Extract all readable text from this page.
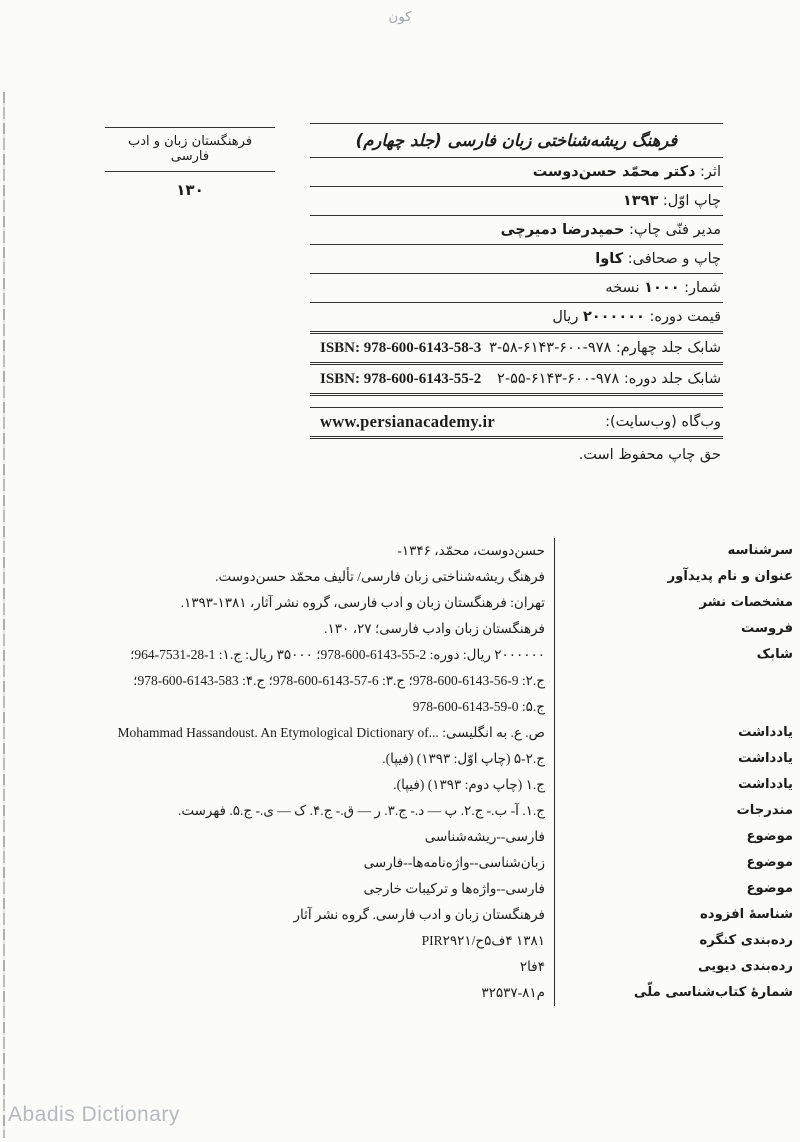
كون
فرهنگستان زبان و ادب فارسی
۱۳۰
فرهنگ ریشه‌شناختی زبان فارسی (جلد چهارم)
اثر: دکتر محمّد حسن‌دوست
چاپ اوّل: ۱۳۹۳
مدیر فنّی چاپ: حمیدرضا دمیرچی
چاپ و صحافی: کاوا
شمار: ۱۰۰۰ نسخه
قیمت دوره: ۲۰۰۰۰۰۰ ریال
شابک جلد چهارم: ۹۷۸-۶۰۰-۶۱۴۳-۵۸-۳
ISBN: 978-600-6143-58-3
شابک جلد دوره: ۹۷۸-۶۰۰-۶۱۴۳-۵۵-۲
ISBN: 978-600-6143-55-2
وب‌گاه (وب‌سایت):
www.persianacademy.ir
حق چاپ محفوظ است.
سرشناسه
حسن‌دوست، محمّد، ۱۳۴۶-
عنوان و نام پدیدآور
فرهنگ ریشه‌شناختی زبان فارسی/ تألیف محمّد حسن‌دوست.
مشخصات نشر
تهران: فرهنگستان زبان و ادب فارسی، گروه نشر آثار، ۱۳۸۱-۱۳۹۳.
فروست
فرهنگستان زبان وادب فارسی؛ ۲۷، ۱۳۰.
شابک
۲۰۰۰۰۰۰ ریال: دوره: ‎978-600-6143-55-2؛ ۳۵۰۰۰ ریال: ج.۱: ‎964-7531-28-1؛
ج.۲: ‎978-600-6143-56-9؛ ج.۳: ‎978-600-6143-57-6؛ ج.۴: ‎978-600-6143-583؛
ج.۵: ‎978-600-6143-59-0
یادداشت
ص. ع. به انگلیسی: Mohammad Hassandoust. An Etymological Dictionary of...‎
یادداشت
ج.۲-۵ (چاپ اوّل: ۱۳۹۳) (فیپا).
یادداشت
ج.۱ (چاپ دوم: ۱۳۹۳) (فیپا).
مندرجات
ج.۱. آ- ب.- ج.۲. پ — د.- ج.۳. ر — ق.- ج.۴. ک — ی.- ج.۵. فهرست.
موضوع
فارسی--ریشه‌شناسی
موضوع
زبان‌شناسی--واژه‌نامه‌ها--فارسی
موضوع
فارسی--واژه‌ها و ترکیبات خارجی
شناسۀ افزوده
فرهنگستان زبان و ادب فارسی. گروه نشر آثار
رده‌بندی کنگره
۱۳۸۱ ۴ف۵ح/PIR۲۹۲۱
رده‌بندی دیویی
۴فا۲
شمارۀ کتاب‌شناسی ملّی
م۸۱-۳۲۵۳۷
Abadis Dictionary
